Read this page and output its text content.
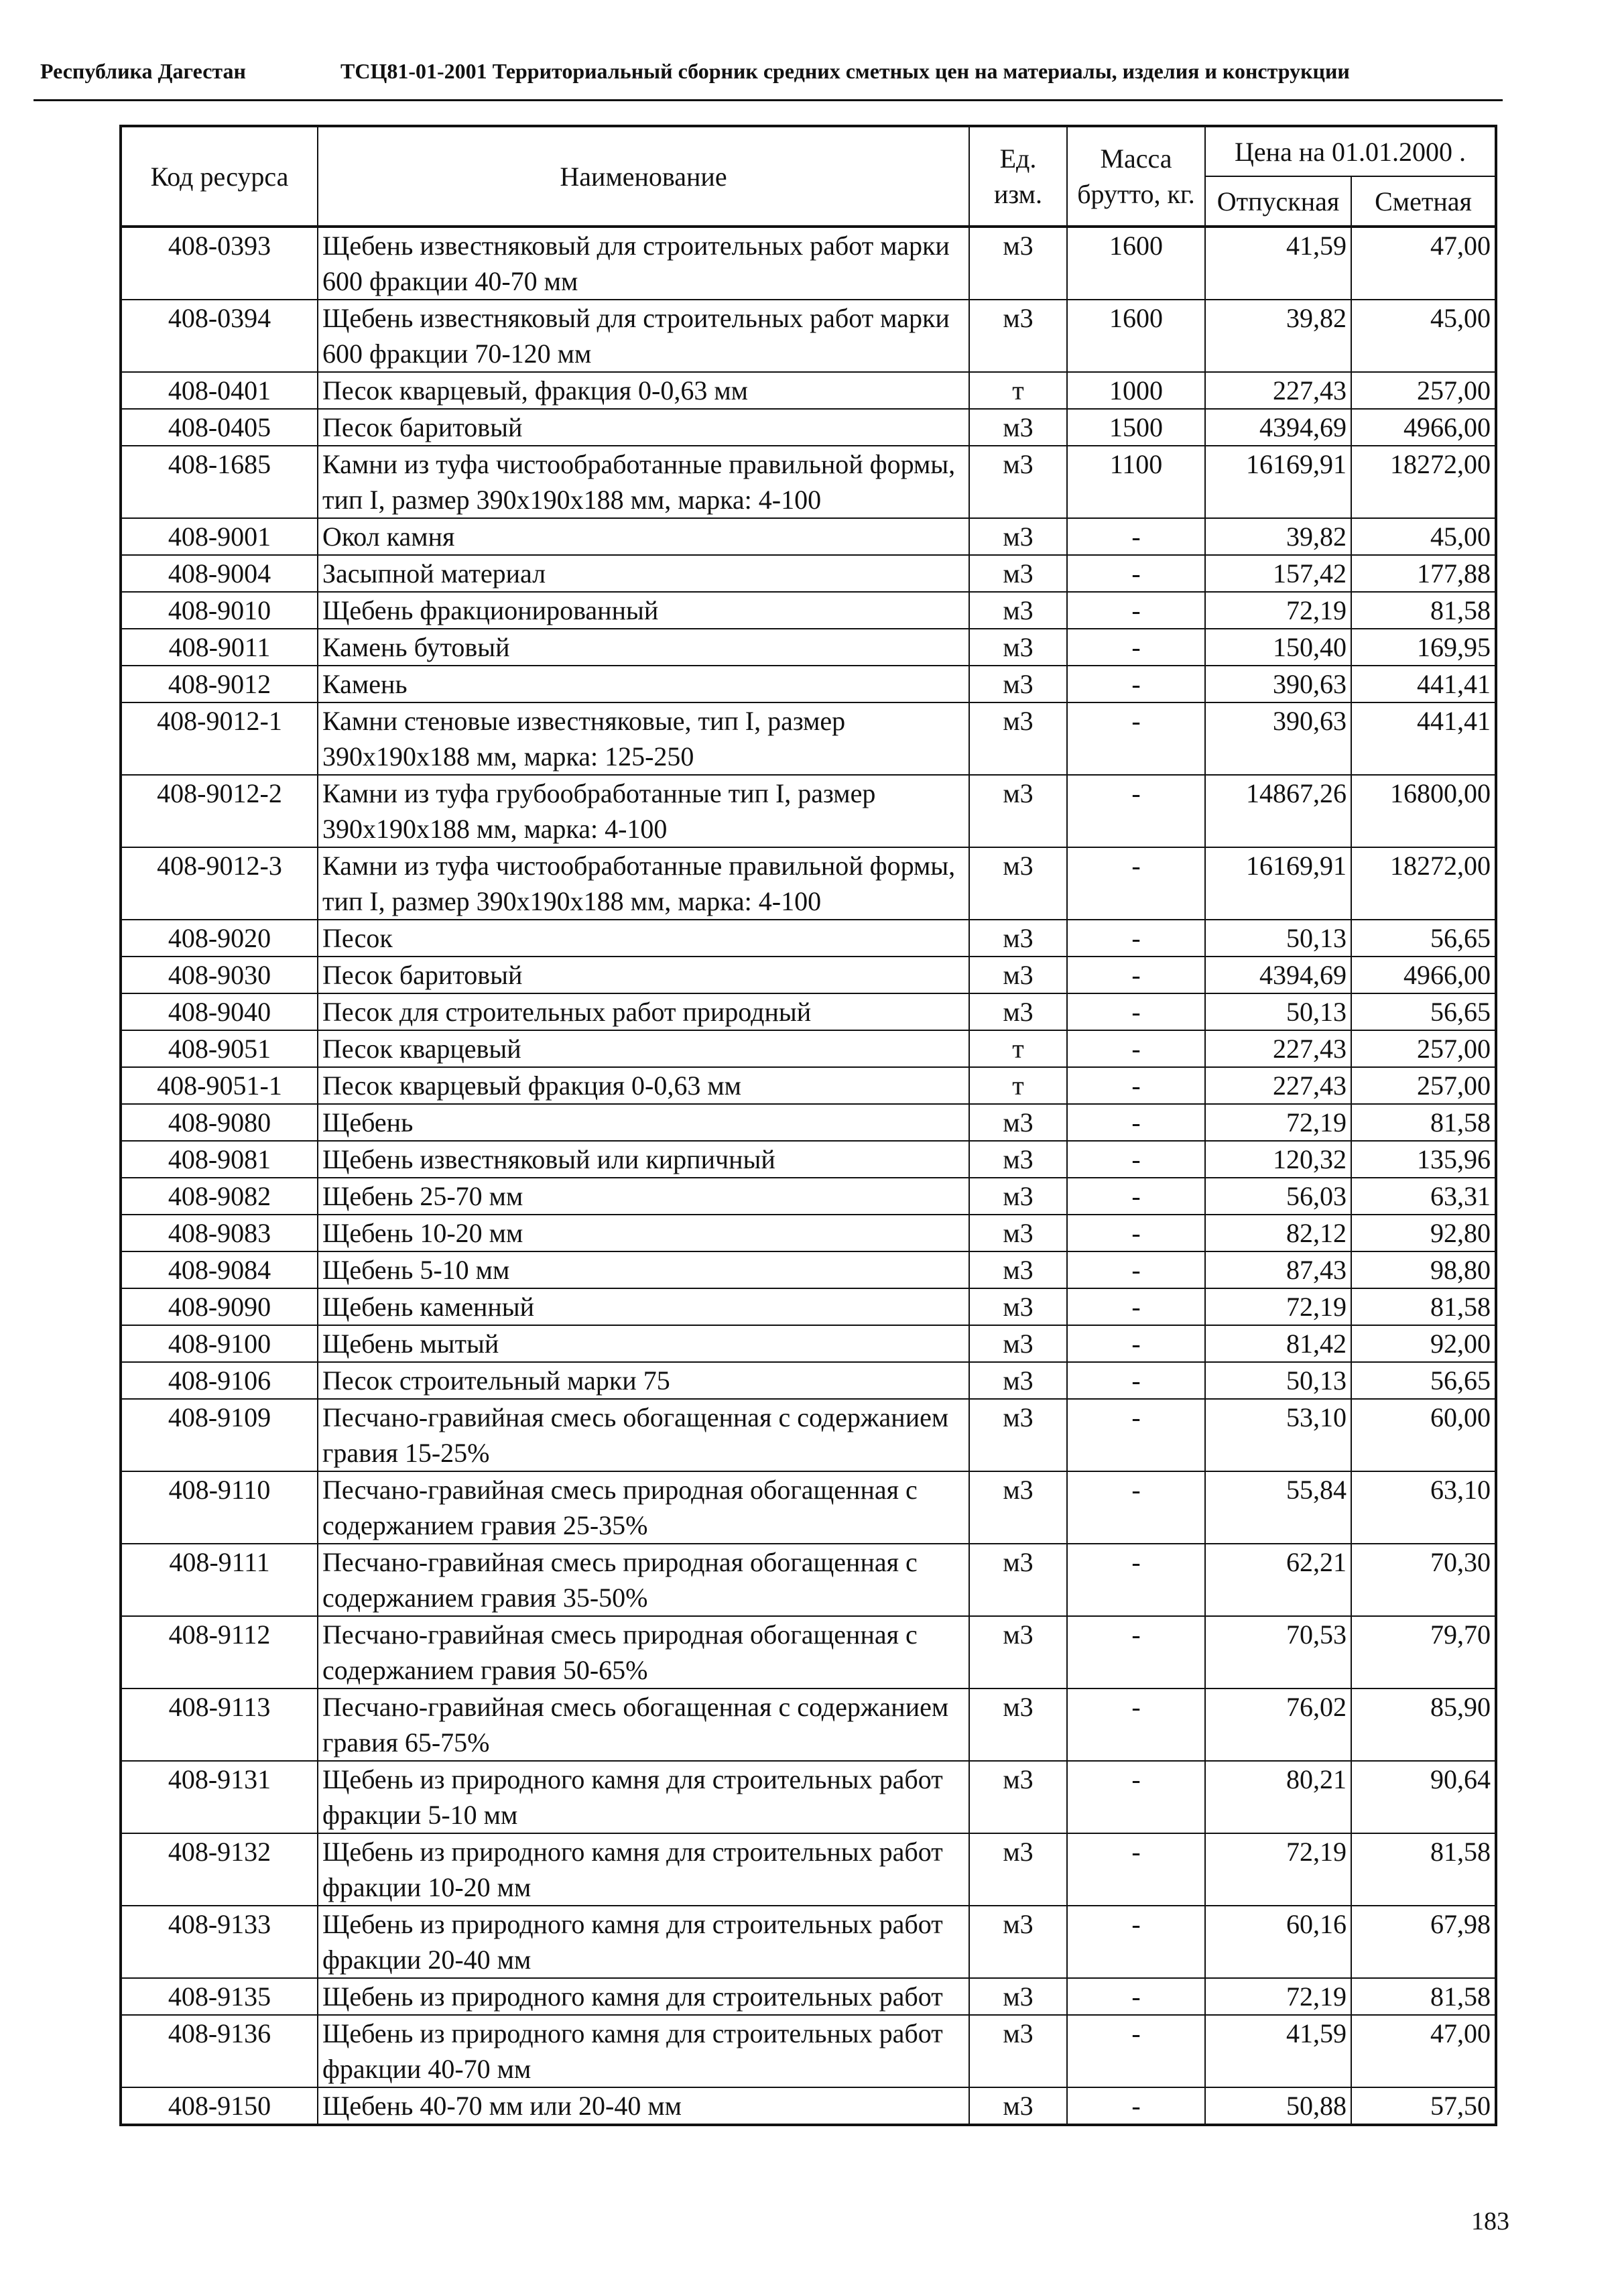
Республика Дагестан	ТСЦ81-01-2001 Территориальный сборник средних сметных цен на материалы, изделия и конструкции
Код ресурса	Наименование	Ед. изм.	Масса брутто, кг.	Цена на 01.01.2000 .	
				Отпускная	Сметная
408-0393	Щебень известняковый для строительных работ марки 600 фракции 40-70 мм	м3	1600	41,59	47,00
408-0394	Щебень известняковый для строительных работ марки 600 фракции 70-120 мм	м3	1600	39,82	45,00
408-0401	Песок кварцевый, фракция 0-0,63 мм	т	1000	227,43	257,00
408-0405	Песок баритовый	м3	1500	4394,69	4966,00
408-1685	Камни из туфа чистообработанные правильной формы, тип I, размер 390х190х188 мм, марка: 4-100	м3	1100	16169,91	18272,00
408-9001	Окол камня	м3	-	39,82	45,00
408-9004	Засыпной материал	м3	-	157,42	177,88
408-9010	Щебень фракционированный	м3	-	72,19	81,58
408-9011	Камень бутовый	м3	-	150,40	169,95
408-9012	Камень	м3	-	390,63	441,41
408-9012-1	Камни стеновые известняковые, тип I, размер 390х190х188 мм, марка: 125-250	м3	-	390,63	441,41
408-9012-2	Камни из туфа грубообработанные тип I, размер 390х190х188 мм, марка: 4-100	м3	-	14867,26	16800,00
408-9012-3	Камни из туфа чистообработанные правильной формы, тип I, размер 390х190х188 мм, марка: 4-100	м3	-	16169,91	18272,00
408-9020	Песок	м3	-	50,13	56,65
408-9030	Песок баритовый	м3	-	4394,69	4966,00
408-9040	Песок для строительных работ природный	м3	-	50,13	56,65
408-9051	Песок кварцевый	т	-	227,43	257,00
408-9051-1	Песок кварцевый фракция 0-0,63 мм	т	-	227,43	257,00
408-9080	Щебень	м3	-	72,19	81,58
408-9081	Щебень известняковый или кирпичный	м3	-	120,32	135,96
408-9082	Щебень 25-70 мм	м3	-	56,03	63,31
408-9083	Щебень 10-20 мм	м3	-	82,12	92,80
408-9084	Щебень 5-10 мм	м3	-	87,43	98,80
408-9090	Щебень каменный	м3	-	72,19	81,58
408-9100	Щебень мытый	м3	-	81,42	92,00
408-9106	Песок строительный марки 75	м3	-	50,13	56,65
408-9109	Песчано-гравийная смесь обогащенная с содержанием гравия 15-25%	м3	-	53,10	60,00
408-9110	Песчано-гравийная смесь природная обогащенная с содержанием гравия 25-35%	м3	-	55,84	63,10
408-9111	Песчано-гравийная смесь природная обогащенная с содержанием гравия 35-50%	м3	-	62,21	70,30
408-9112	Песчано-гравийная смесь природная обогащенная с содержанием гравия 50-65%	м3	-	70,53	79,70
408-9113	Песчано-гравийная смесь обогащенная с содержанием гравия 65-75%	м3	-	76,02	85,90
408-9131	Щебень из природного камня для строительных работ фракции 5-10 мм	м3	-	80,21	90,64
408-9132	Щебень из природного камня для строительных работ фракции 10-20 мм	м3	-	72,19	81,58
408-9133	Щебень из природного камня для строительных работ фракции 20-40 мм	м3	-	60,16	67,98
408-9135	Щебень из природного камня для строительных работ	м3	-	72,19	81,58
408-9136	Щебень из природного камня для строительных работ фракции 40-70 мм	м3	-	41,59	47,00
408-9150	Щебень 40-70 мм или 20-40 мм	м3	-	50,88	57,50
183
